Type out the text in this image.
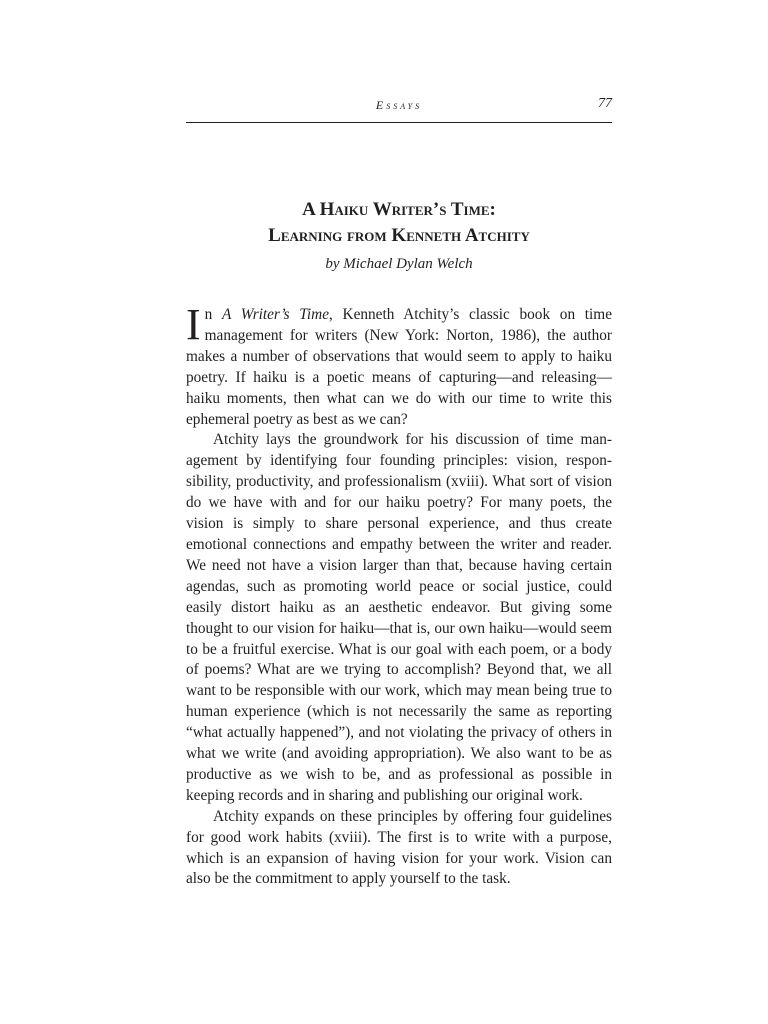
Essays	77
A Haiku Writer’s Time:
Learning from Kenneth Atchity
by Michael Dylan Welch

In A Writer’s Time, Kenneth Atchity’s classic book on time management for writers (New York: Norton, 1986), the author makes a number of observations that would seem to apply to haiku poetry. If haiku is a poetic means of capturing—and releasing—haiku moments, then what can we do with our time to write this ephemeral poetry as best as we can?

Atchity lays the groundwork for his discussion of time management by identifying four founding principles: vision, responsibility, productivity, and professionalism (xviii). What sort of vision do we have with and for our haiku poetry? For many poets, the vision is simply to share personal experience, and thus create emotional connections and empathy between the writer and reader. We need not have a vision larger than that, because having certain agendas, such as promoting world peace or social justice, could easily distort haiku as an aesthetic endeavor. But giving some thought to our vision for haiku—that is, our own haiku—would seem to be a fruitful exercise. What is our goal with each poem, or a body of poems? What are we trying to accomplish? Beyond that, we all want to be responsible with our work, which may mean being true to human experience (which is not necessarily the same as reporting “what actually happened”), and not violating the privacy of others in what we write (and avoiding appropriation). We also want to be as productive as we wish to be, and as professional as possible in keeping records and in sharing and publishing our original work.

Atchity expands on these principles by offering four guidelines for good work habits (xviii). The first is to write with a purpose, which is an expansion of having vision for your work. Vision can also be the commitment to apply yourself to the task.
